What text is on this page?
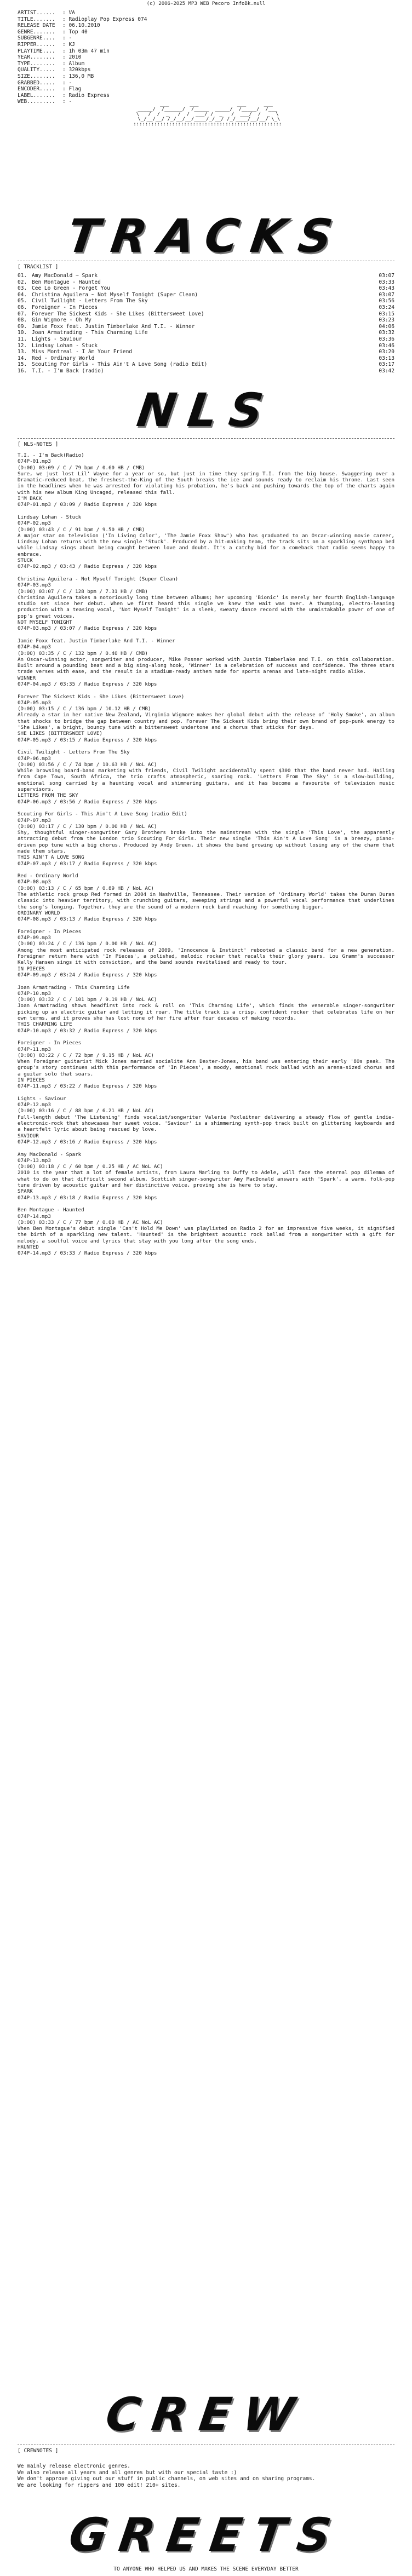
(c) 2006-2025 MP3 WEB Pecoro InfoBk.null
ARTIST...... : VA
TITLE....... : Radioplay Pop Express 074
RELEASE DATE : 06.10.2010
GENRE....... : Top 40
SUBGENRE.... : -
RIPPER...... : KJ
PLAYTIME.... : 1h 03m 47 min
YEAR........ : 2010
TYPE........ : Album
QUALITY..... : 320kbps
SIZE........ : 136,0 MB
GRABBED..... : -
ENCODER..... : Flag
LABEL....... : Radio Express
WEB......... : -	___       ___             ___      ___
_____/  /______/  /_____  _____/  /_____/  /___
\   /  /  _   /  /  ___/ /  _   /  ___/  /  _  \
\_/__/__/ /_/__/__/____/_/__/ /_/____/__/__/ \_\
::::::::::::::::::::::::::::::::::::::::::::::::::

TRACKS
[ TRACKLIST ]
01. Amy MacDonald ~ Spark	03:07
02. Ben Montague - Haunted	03:33
03. Cee Lo Green - Forget You	03:43
04. Christina Aguilera ~ Not Myself Tonight (Super Clean)	03:07
05. Civil Twilight - Letters From The Sky	03:56
06. Foreigner - In Pieces	03:24
07. Forever The Sickest Kids - She Likes (Bittersweet Love)	03:15
08. Gin Wigmore - Oh My	03:23
09. Jamie Foxx feat. Justin Timberlake And T.I. - Winner	04:06
10. Joan Armatrading - This Charming Life	03:32
11. Lights - Saviour	03:36
12. Lindsay Lohan - Stuck	03:46
13. Miss Montreal - I Am Your Friend	03:20
14. Red - Ordinary World	03:13
15. Scouting For Girls - This Ain't A Love Song (radio Edit)	03:17
16. T.I. - I'm Back (radio)	03:42
NLS
[ NLS-NOTES ]
T.I. - I'm Back(Radio)
074P-01.mp3
(D:00) 03:09 / C / 79 bpm / 0.60 HB / CMB)
Sure, we just lost Lil' Wayne for a year or so, but just in time they spring T.I. from the big house. Swaggering over a Dramatic-reduced beat, the freshest-the-King of the South breaks the ice and sounds ready to reclaim his throne. Last seen in the headlines when he was arrested for violating his probation, he's back and pushing towards the top of the charts again with his new album King Uncaged, released this fall.
I'M BACK
074P-01.mp3 / 03:09 / Radio Express / 320 kbps
Lindsay Lohan - Stuck
074P-02.mp3
(D:00) 03:43 / C / 91 bpm / 9.50 HB / CMB)
A major star on television ('In Living Color', 'The Jamie Foxx Show') who has graduated to an Oscar-winning movie career, Lindsay Lohan returns with the new single 'Stuck'. Produced by a hit-making team, the track sits on a sparkling synthpop bed while Lindsay sings about being caught between love and doubt. It's a catchy bid for a comeback that radio seems happy to embrace.
STUCK
074P-02.mp3 / 03:43 / Radio Express / 320 kbps
Christina Aguilera - Not Myself Tonight (Super Clean)
074P-03.mp3
(D:00) 03:07 / C / 128 bpm / 7.31 HB / CMB)
Christina Aguilera takes a notoriously long time between albums; her upcoming 'Bionic' is merely her fourth English-language studio set since her debut. When we first heard this single we knew the wait was over. A thumping, electro-leaning production with a teasing vocal, 'Not Myself Tonight' is a sleek, sweaty dance record with the unmistakable power of one of pop's great voices.
NOT MYSELF TONIGHT
074P-03.mp3 / 03:07 / Radio Express / 320 kbps
Jamie Foxx feat. Justin Timberlake And T.I. - Winner
074P-04.mp3
(D:00) 03:35 / C / 132 bpm / 0.40 HB / CMB)
An Oscar-winning actor, songwriter and producer, Mike Posner worked with Justin Timberlake and T.I. on this collaboration. Built around a pounding beat and a big sing-along hook, 'Winner' is a celebration of success and confidence. The three stars trade verses with ease, and the result is a stadium-ready anthem made for sports arenas and late-night radio alike.
WINNER
074P-04.mp3 / 03:35 / Radio Express / 320 kbps
Forever The Sickest Kids - She Likes (Bittersweet Love)
074P-05.mp3
(D:00) 03:15 / C / 136 bpm / 10.12 HB / CMB)
Already a star in her native New Zealand, Virginia Wigmore makes her global debut with the release of 'Holy Smoke', an album that shocks to bridge the gap between country and pop. Forever The Sickest Kids bring their own brand of pop-punk energy to 'She Likes', a bright, bouncy tune with a bittersweet undertone and a chorus that sticks for days.
SHE LIKES (BITTERSWEET LOVE)
074P-05.mp3 / 03:15 / Radio Express / 320 kbps
Civil Twilight - Letters From The Sky
074P-06.mp3
(D:00) 03:56 / C / 74 bpm / 10.63 HB / NoL AC)
While browsing board-band marketing with friends, Civil Twilight accidentally spent $300 that the band never had. Hailing from Cape Town, South Africa, the trio crafts atmospheric, soaring rock. 'Letters From The Sky' is a slow-building, emotional song carried by a haunting vocal and shimmering guitars, and it has become a favourite of television music supervisors.
LETTERS FROM THE SKY
074P-06.mp3 / 03:56 / Radio Express / 320 kbps
Scouting For Girls - This Ain't A Love Song (radio Edit)
074P-07.mp3
(D:00) 03:17 / C / 130 bpm / 0.00 HB / NoL AC)
Shy, thoughtful singer-songwriter Gary Brothers broke into the mainstream with the single 'This Love', the apparently attracting debut from the London trio Scouting For Girls. Their new single 'This Ain't A Love Song' is a breezy, piano-driven pop tune with a big chorus. Produced by Andy Green, it shows the band growing up without losing any of the charm that made them stars.
THIS AIN'T A LOVE SONG
074P-07.mp3 / 03:17 / Radio Express / 320 kbps
Red - Ordinary World
074P-08.mp3
(D:00) 03:13 / C / 65 bpm / 0.89 HB / NoL AC)
The athletic rock group Red formed in 2004 in Nashville, Tennessee. Their version of 'Ordinary World' takes the Duran Duran classic into heavier territory, with crunching guitars, sweeping strings and a powerful vocal performance that underlines the song's longing. Together, they are the sound of a modern rock band reaching for something bigger.
ORDINARY WORLD
074P-08.mp3 / 03:13 / Radio Express / 320 kbps
Foreigner - In Pieces
074P-09.mp3
(D:00) 03:24 / C / 136 bpm / 0.00 HB / NoL AC)
Among the most anticipated rock releases of 2009, 'Innocence & Instinct' rebooted a classic band for a new generation. Foreigner return here with 'In Pieces', a polished, melodic rocker that recalls their glory years. Lou Gramm's successor Kelly Hansen sings it with conviction, and the band sounds revitalised and ready to tour.
IN PIECES
074P-09.mp3 / 03:24 / Radio Express / 320 kbps
Joan Armatrading - This Charming Life
074P-10.mp3
(D:00) 03:32 / C / 101 bpm / 9.19 HB / NoL AC)
Joan Armatrading shows headfirst into rock & roll on 'This Charming Life', which finds the venerable singer-songwriter picking up an electric guitar and letting it roar. The title track is a crisp, confident rocker that celebrates life on her own terms, and it proves she has lost none of her fire after four decades of making records.
THIS CHARMING LIFE
074P-10.mp3 / 03:32 / Radio Express / 320 kbps
Foreigner - In Pieces
074P-11.mp3
(D:00) 03:22 / C / 72 bpm / 9.15 HB / NoL AC)
When Foreigner guitarist Mick Jones married socialite Ann Dexter-Jones, his band was entering their early '80s peak. The group's story continues with this performance of 'In Pieces', a moody, emotional rock ballad with an arena-sized chorus and a guitar solo that soars.
IN PIECES
074P-11.mp3 / 03:22 / Radio Express / 320 kbps
Lights - Saviour
074P-12.mp3
(D:00) 03:16 / C / 88 bpm / 6.21 HB / NoL AC)
Full-length debut 'The Listening' finds vocalist/songwriter Valerie Poxleitner delivering a steady flow of gentle indie-electronic-rock that showcases her sweet voice. 'Saviour' is a shimmering synth-pop track built on glittering keyboards and a heartfelt lyric about being rescued by love.
SAVIOUR
074P-12.mp3 / 03:16 / Radio Express / 320 kbps
Amy MacDonald - Spark
074P-13.mp3
(D:00) 03:18 / C / 60 bpm / 0.25 HB / AC NoL AC)
2010 is the year that a lot of female artists, from Laura Marling to Duffy to Adele, will face the eternal pop dilemma of what to do on that difficult second album. Scottish singer-songwriter Amy MacDonald answers with 'Spark', a warm, folk-pop tune driven by acoustic guitar and her distinctive voice, proving she is here to stay.
SPARK
074P-13.mp3 / 03:18 / Radio Express / 320 kbps
Ben Montague - Haunted
074P-14.mp3
(D:00) 03:33 / C / 77 bpm / 0.00 HB / AC NoL AC)
When Ben Montague's debut single 'Can't Hold Me Down' was playlisted on Radio 2 for an impressive five weeks, it signified the birth of a sparkling new talent. 'Haunted' is the brightest acoustic rock ballad from a songwriter with a gift for melody, a soulful voice and lyrics that stay with you long after the song ends.
HAUNTED
074P-14.mp3 / 03:33 / Radio Express / 320 kbps
CREW
[ CREWNOTES ]

We mainly release electronic genres.

We also release all years and all genres but with our special taste :)

We don't approve giving out our stuff in public channels, on web sites and on sharing programs.

We are looking for rippers and 100 edit! 210+ sites.

GREETS
TO ANYONE WHO HELPED US AND MAKES THE SCENE EVERYDAY BETTER
